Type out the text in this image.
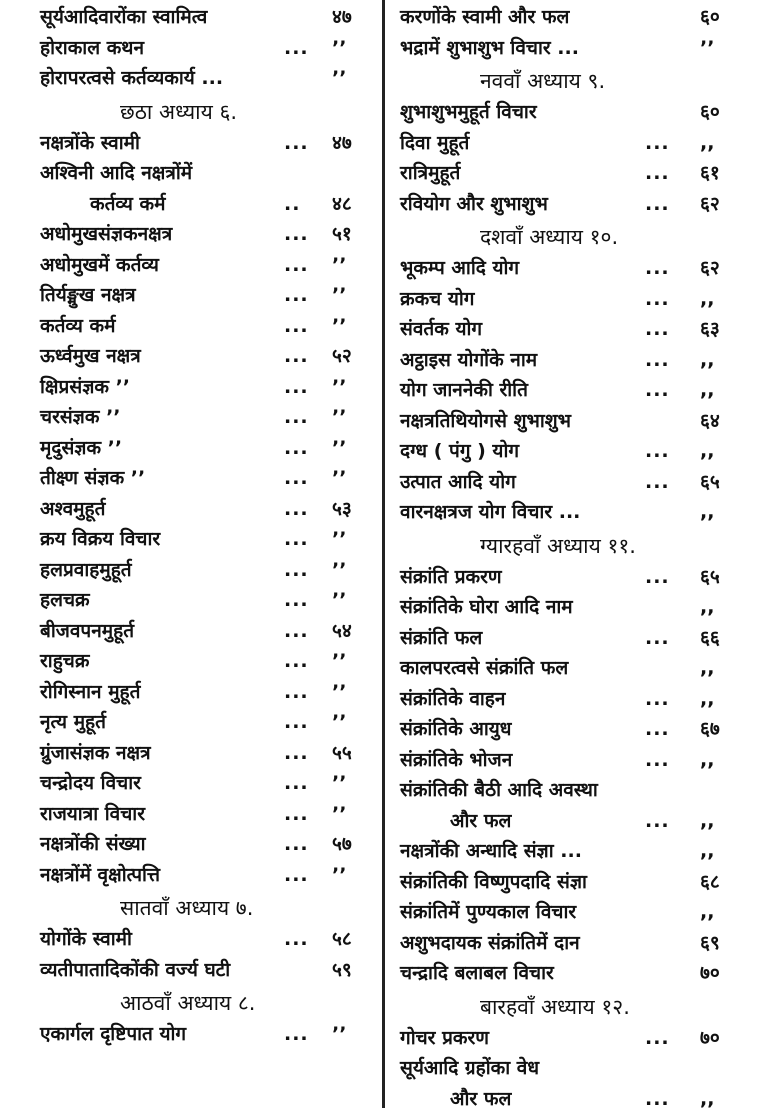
सूर्यआदिवारोंका स्वामित्व	४७
होराकाल कथन	... ’’
होरापरत्वसे कर्तव्यकार्य ...	’’
छठा अध्याय ६.
नक्षत्रोंके स्वामी	... ४७
अश्विनी आदि नक्षत्रोंमें
कर्तव्य कर्म	.. ४८
अधोमुखसंज्ञकनक्षत्र	... ५१
अधोमुखमें कर्तव्य	... ’’
तिर्यङ्मुख नक्षत्र	... ’’
कर्तव्य कर्म	... ’’
ऊर्ध्वमुख नक्षत्र	... ५२
क्षिप्रसंज्ञक ’’	... ’’
चरसंज्ञक ’’	... ’’
मृदुसंज्ञक ’’	... ’’
तीक्ष्ण संज्ञक ’’	... ’’
अश्वमुहूर्त	... ५३
क्रय विक्रय विचार	... ’’
हलप्रवाहमुहूर्त	... ’’
हलचक्र	... ’’
बीजवपनमुहूर्त	... ५४
राहुचक्र	... ’’
रोगिस्नान मुहूर्त	... ’’
नृत्य मुहूर्त	... ’’
ग्रुंजासंज्ञक नक्षत्र	... ५५
चन्द्रोदय विचार	... ’’
राजयात्रा विचार	... ’’
नक्षत्रोंकी संख्या	... ५७
नक्षत्रोंमें वृक्षोत्पत्ति	... ’’
सातवाँ अध्याय ७.
योगोंके स्वामी	... ५८
व्यतीपातादिकोंकी वर्ज्य घटी	५९
आठवाँ अध्याय ८.
एकार्गल दृष्टिपात योग	... ’’
करणोंके स्वामी और फल	६०
भद्रामें शुभाशुभ विचार ...	’’
नववाँ अध्याय ९.
शुभाशुभमुहूर्त विचार	६०
दिवा मुहूर्त	... ,,
रात्रिमुहूर्त	... ६१
रवियोग और शुभाशुभ	... ६२
दशवाँ अध्याय १०.
भूकम्प आदि योग	... ६२
क्रकच योग	... ,,
संवर्तक योग	... ६३
अट्ठाइस योगोंके नाम	... ,,
योग जाननेकी रीति	... ,,
नक्षत्रतिथियोगसे शुभाशुभ	६४
दग्ध ( पंगु ) योग	... ,,
उत्पात आदि योग	... ६५
वारनक्षत्रज योग विचार ...	,,
ग्यारहवाँ अध्याय ११.
संक्रांति प्रकरण	... ६५
संक्रांतिके घोरा आदि नाम	,,
संक्रांति फल	... ६६
कालपरत्वसे संक्रांति फल	,,
संक्रांतिके वाहन	... ,,
संक्रांतिके आयुध	... ६७
संक्रांतिके भोजन	... ,,
संक्रांतिकी बैठी आदि अवस्था
और फल	... ,,
नक्षत्रोंकी अन्धादि संज्ञा ...	,,
संक्रांतिकी विष्णुपदादि संज्ञा	६८
संक्रांतिमें पुण्यकाल विचार	,,
अशुभदायक संक्रांतिमें दान	६९
चन्द्रादि बलाबल विचार	७०
बारहवाँ अध्याय १२.
गोचर प्रकरण	... ७०
सूर्यआदि ग्रहोंका वेध
और फल	... ,,
